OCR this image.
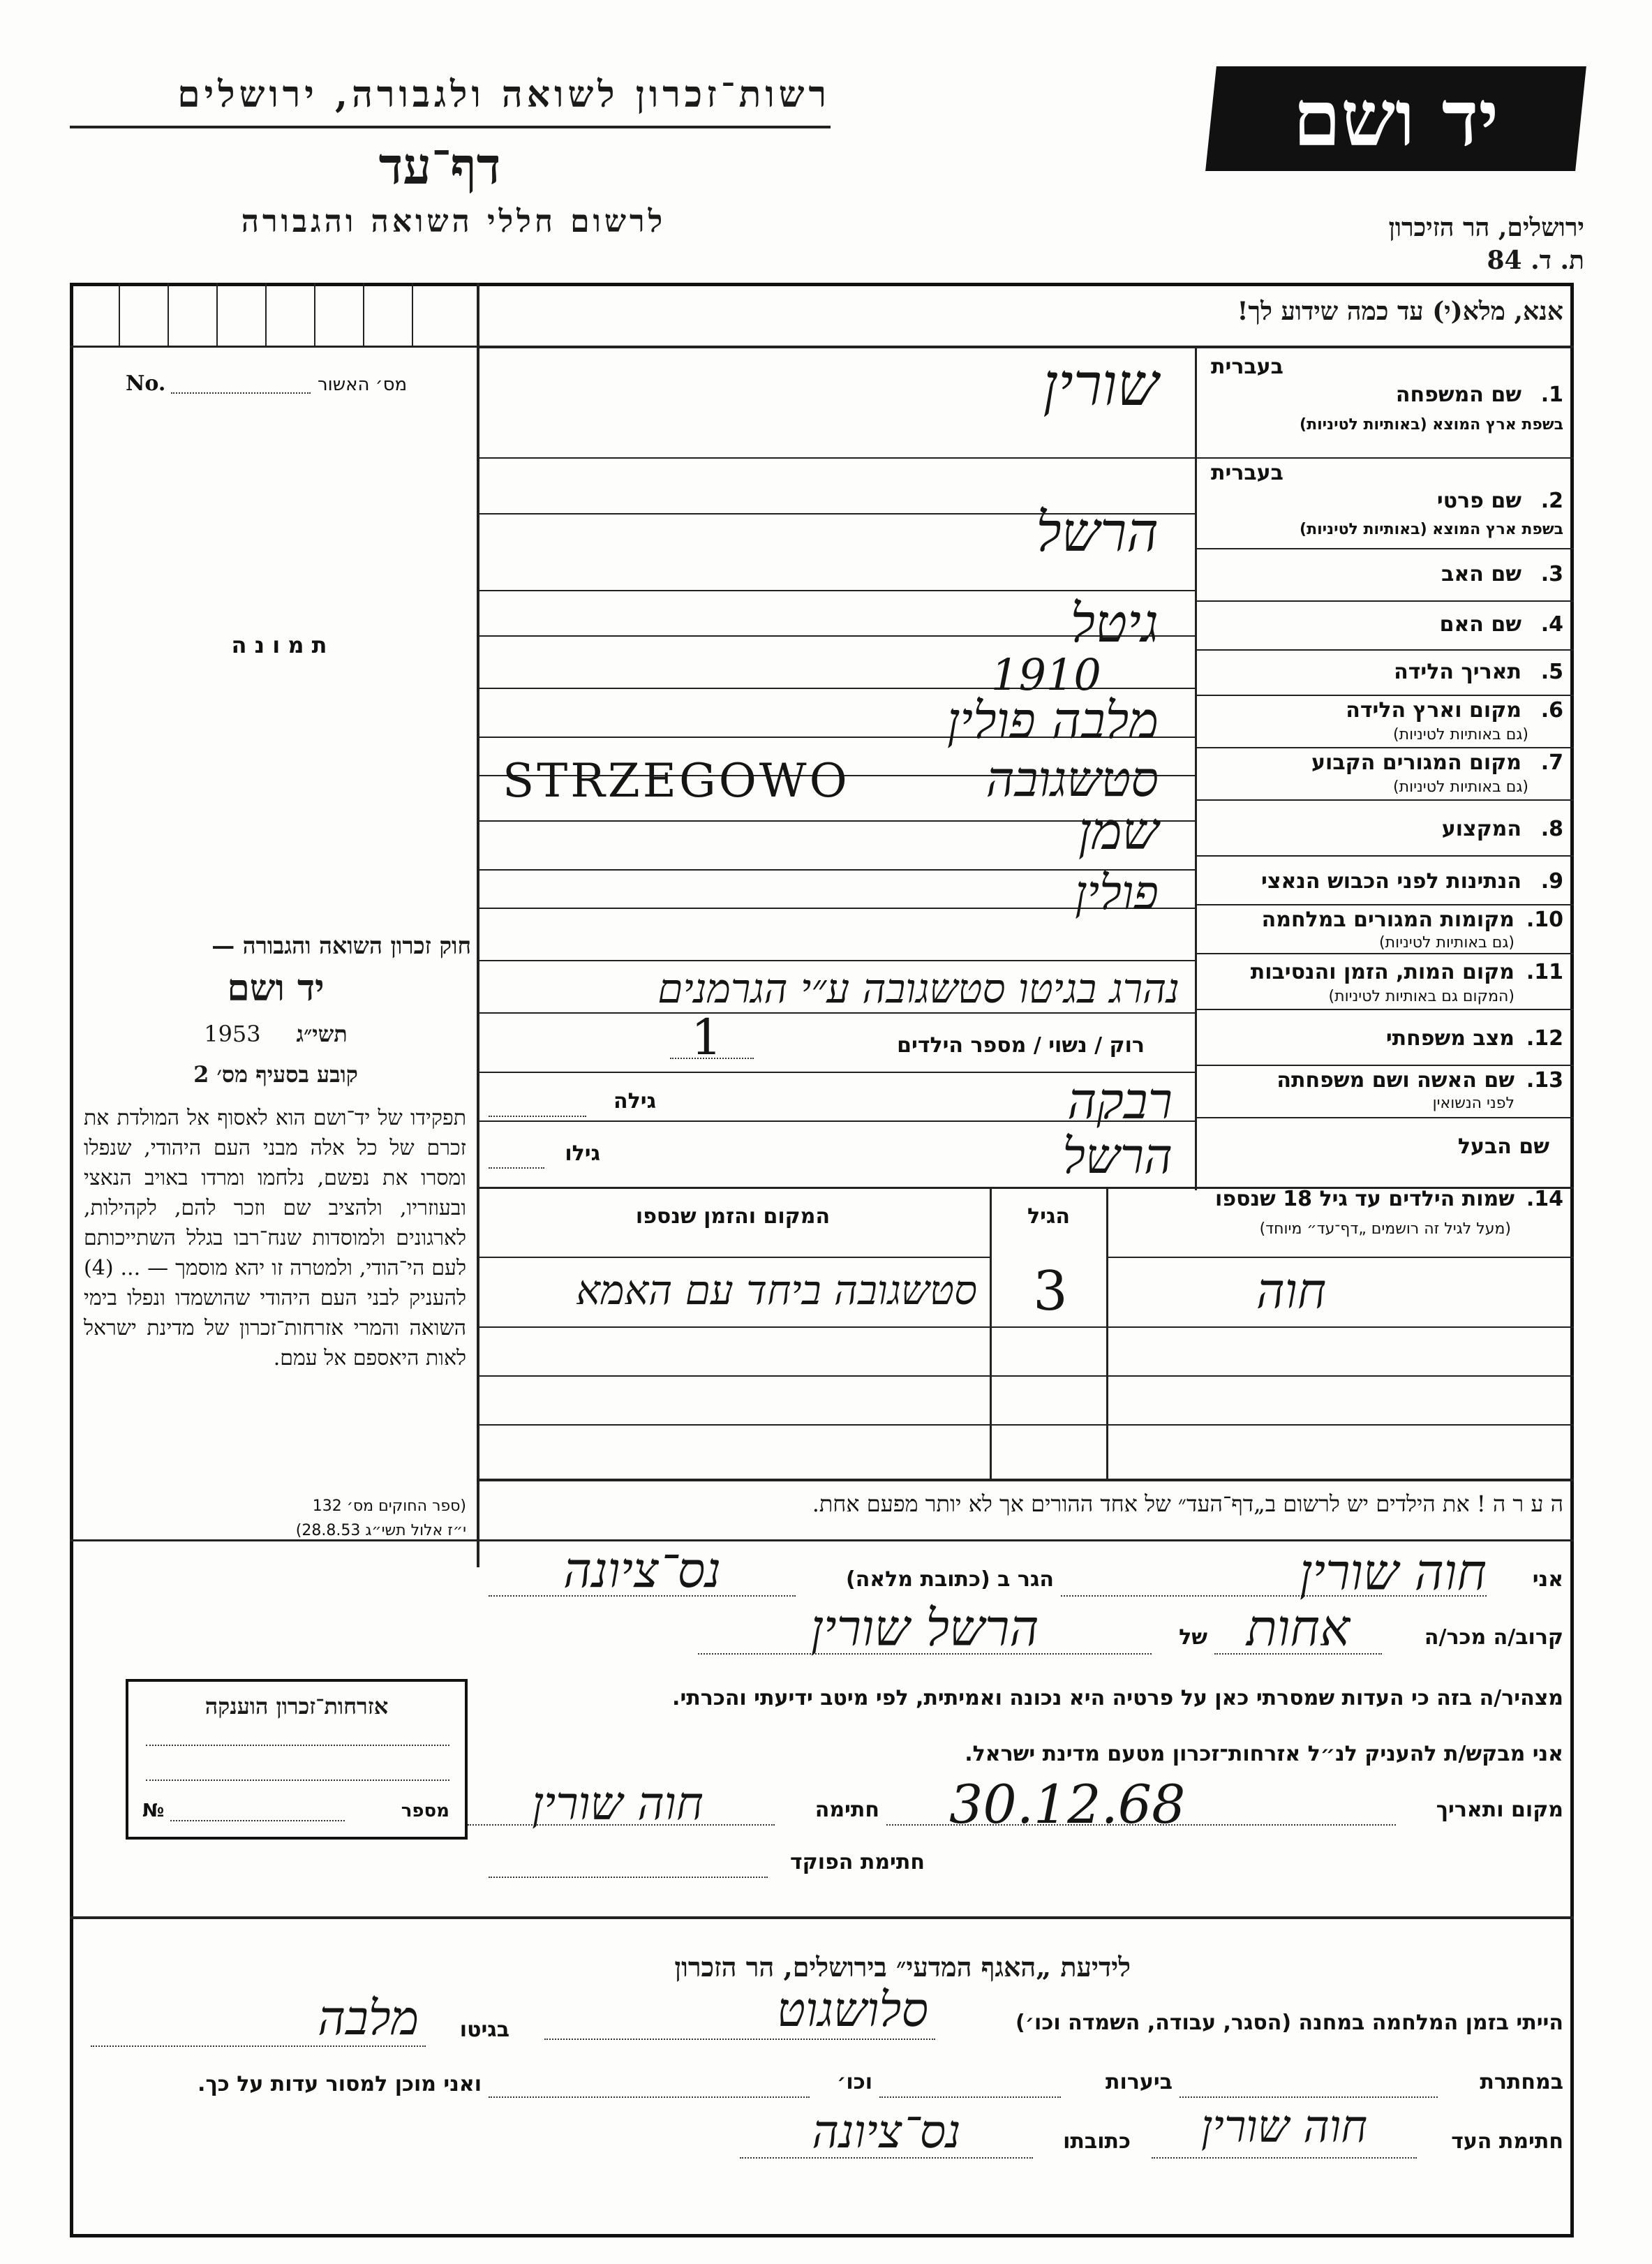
רשות־זכרון לשואה ולגבורה, ירושלים
דף־עד
לרשום חללי השואה והגבורה
יד ושם
ירושלים, הר הזיכרון
ת. ד. 84
אנא, מלא(י) עד כמה שידוע לך!
No.	מס׳ האשור
ת מ ו נ ה
חוק זכרון השואה והגבורה —
יד ושם
1953 תשי״ג
קובע בסעיף מס׳ 2
תפקידו של יד־ושם הוא לאסוף אל המולדת את זכרם של כל אלה מבני העם היהודי, שנפלו ומסרו את נפשם, נלחמו ומרדו באויב הנאצי ובעוזריו, ולהציב שם וזכר להם, לקהילות, לארגונים ולמוסדות שנח־רבו בגלל השתייכותם לעם הי־הודי, ולמטרה זו יהא מוסמך — ... (4) להעניק לבני העם היהודי שהושמדו ונפלו בימי השואה והמרי אזרחות־זכרון של מדינת ישראל לאות היאספם אל עמם.
(ספר החוקים מס׳ 132
י״ז אלול תשי״ג 28.8.53)
אזרחות־זכרון הוענקה
№	מספר
בעברית
1.
שם המשפחה
בשפת ארץ המוצא (באותיות לטיניות)
בעברית
2.
שם פרטי
בשפת ארץ המוצא (באותיות לטיניות)
3.
שם האב
4.
שם האם
5.
תאריך הלידה
6.
מקום וארץ הלידה
(גם באותיות לטיניות)
7.
מקום המגורים הקבוע
(גם באותיות לטיניות)
8.
המקצוע
9.
הנתינות לפני הכבוש הנאצי
10.
מקומות המגורים במלחמה
(גם באותיות לטיניות)
11.
מקום המות, הזמן והנסיבות
(המקום גם באותיות לטיניות)
12.
מצב משפחתי
13.
שם האשה ושם משפחתה
לפני הנשואין
שם הבעל
שורין
הרשל
גיטל
1910
מלבה פולין
סטשגובה
STRZEGOWO
שמן
פולין
נהרג בגיטו סטשגובה ע״י הגרמנים
רוק / נשוי / מספר הילדים
1
רבקה
גילה
הרשל
גילו
14.
שמות הילדים עד גיל 18 שנספו
(מעל לגיל זה רושמים „דף־עד״ מיוחד)
הגיל
המקום והזמן שנספו
חוה
3
סטשגובה ביחד עם האמא
ה ע ר ה ! את הילדים יש לרשום ב„דף־העד״ של אחד ההורים אך לא יותר מפעם אחת.
אני
חוה שורין
הגר ב (כתובת מלאה)
נס־ציונה
קרוב/ה מכר/ה
אחות
של
הרשל שורין
מצהיר/ה בזה כי העדות שמסרתי כאן על פרטיה היא נכונה ואמיתית, לפי מיטב ידיעתי והכרתי.
אני מבקש/ת להעניק לנ״ל אזרחות־זכרון מטעם מדינת ישראל.
מקום ותאריך
30.12.68
חתימה
חוה שורין
חתימת הפוקד
לידיעת „האגף המדעי״ בירושלים, הר הזכרון
הייתי בזמן המלחמה במחנה (הסגר, עבודה, השמדה וכו׳)
סלושגוט
בגיטו
מלבה
במחתרת
ביערות
וכו׳
ואני מוכן למסור עדות על כך.
חתימת העד
חוה שורין
כתובתו
נס־ציונה
